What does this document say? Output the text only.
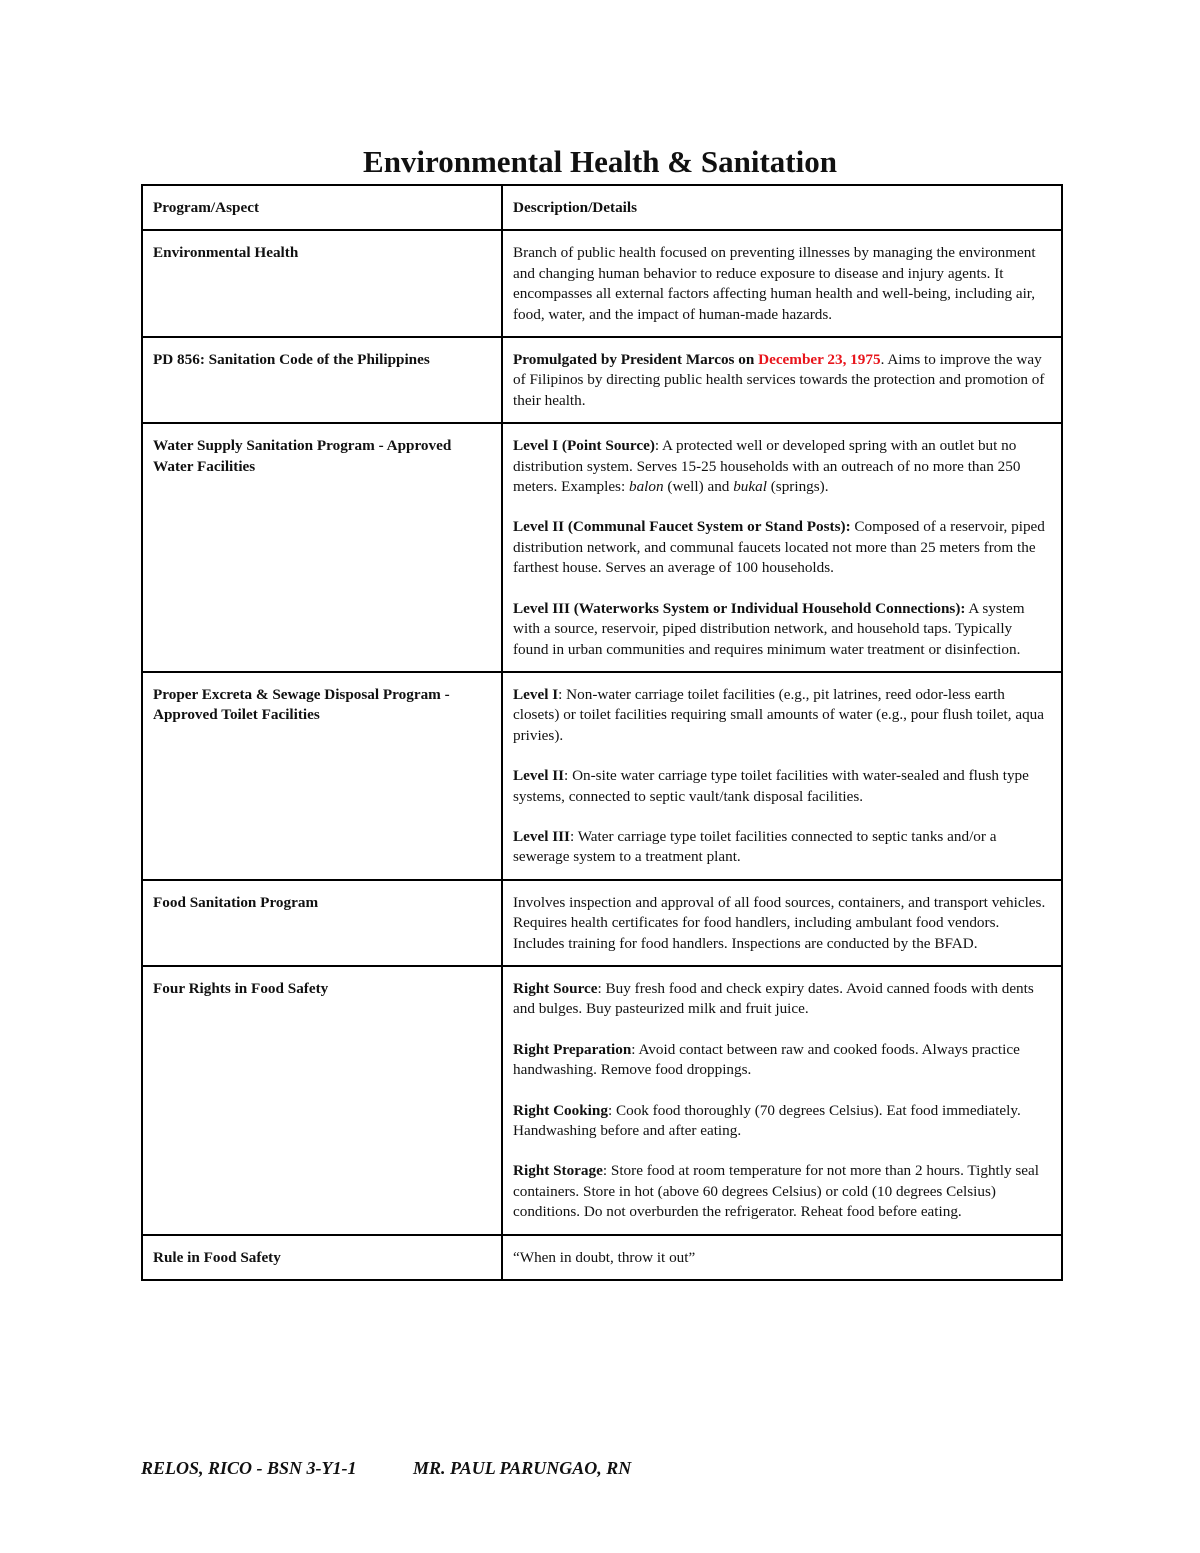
Environmental Health & Sanitation
Program/Aspect	Description/Details
Environmental Health	Branch of public health focused on preventing illnesses by managing the environment and changing human behavior to reduce exposure to disease and injury agents. It encompasses all external factors affecting human health and well-being, including air, food, water, and the impact of human-made hazards.
PD 856: Sanitation Code of the Philippines	Promulgated by President Marcos on December 23, 1975. Aims to improve the way of Filipinos by directing public health services towards the protection and promotion of their health.
Water Supply Sanitation Program - Approved Water Facilities	Level I (Point Source): A protected well or developed spring with an outlet but no distribution system. Serves 15-25 households with an outreach of no more than 250 meters. Examples: balon (well) and bukal (springs).

Level II (Communal Faucet System or Stand Posts): Composed of a reservoir, piped distribution network, and communal faucets located not more than 25 meters from the farthest house. Serves an average of 100 households.

Level III (Waterworks System or Individual Household Connections): A system with a source, reservoir, piped distribution network, and household taps. Typically found in urban communities and requires minimum water treatment or disinfection.

Proper Excreta & Sewage Disposal Program - Approved Toilet Facilities	Level I: Non-water carriage toilet facilities (e.g., pit latrines, reed odor-less earth closets) or toilet facilities requiring small amounts of water (e.g., pour flush toilet, aqua privies).

Level II: On-site water carriage type toilet facilities with water-sealed and flush type systems, connected to septic vault/tank disposal facilities.

Level III: Water carriage type toilet facilities connected to septic tanks and/or a sewerage system to a treatment plant.

Food Sanitation Program	Involves inspection and approval of all food sources, containers, and transport vehicles. Requires health certificates for food handlers, including ambulant food vendors. Includes training for food handlers. Inspections are conducted by the BFAD.
Four Rights in Food Safety	Right Source: Buy fresh food and check expiry dates. Avoid canned foods with dents and bulges. Buy pasteurized milk and fruit juice.

Right Preparation: Avoid contact between raw and cooked foods. Always practice handwashing. Remove food droppings.

Right Cooking: Cook food thoroughly (70 degrees Celsius). Eat food immediately. Handwashing before and after eating.

Right Storage: Store food at room temperature for not more than 2 hours. Tightly seal containers. Store in hot (above 60 degrees Celsius) or cold (10 degrees Celsius) conditions. Do not overburden the refrigerator. Reheat food before eating.

Rule in Food Safety	“When in doubt, throw it out”
RELOS, RICO - BSN 3-Y1-1	MR. PAUL PARUNGAO, RN
